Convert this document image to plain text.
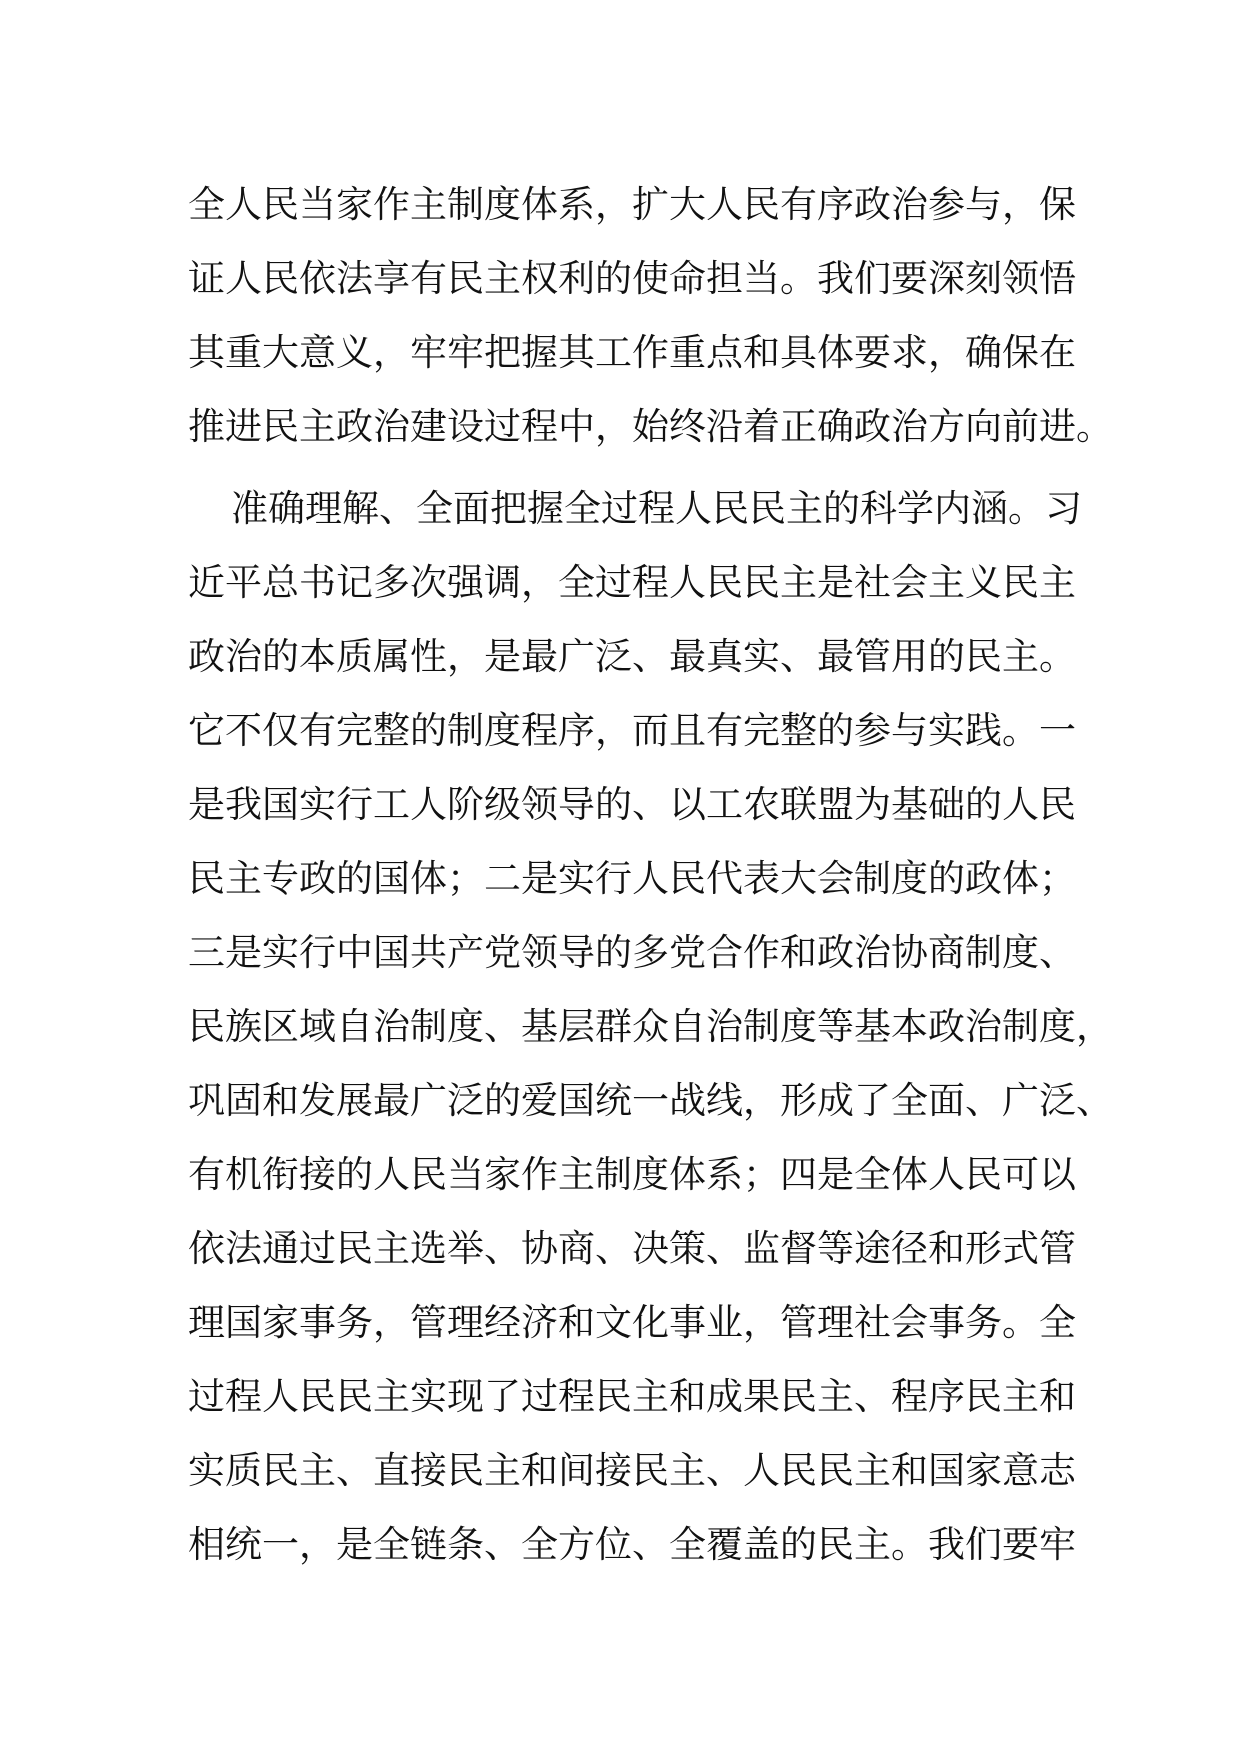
全人民当家作主制度体系，扩大人民有序政治参与，保
证人民依法享有民主权利的使命担当。我们要深刻领悟
其重大意义，牢牢把握其工作重点和具体要求，确保在
推进民主政治建设过程中，始终沿着正确政治方向前进。
准确理解、全面把握全过程人民民主的科学内涵。习
近平总书记多次强调，全过程人民民主是社会主义民主
政治的本质属性，是最广泛、最真实、最管用的民主。
它不仅有完整的制度程序，而且有完整的参与实践。一
是我国实行工人阶级领导的、以工农联盟为基础的人民
民主专政的国体；二是实行人民代表大会制度的政体；
三是实行中国共产党领导的多党合作和政治协商制度、
民族区域自治制度、基层群众自治制度等基本政治制度，
巩固和发展最广泛的爱国统一战线，形成了全面、广泛、
有机衔接的人民当家作主制度体系；四是全体人民可以
依法通过民主选举、协商、决策、监督等途径和形式管
理国家事务，管理经济和文化事业，管理社会事务。全
过程人民民主实现了过程民主和成果民主、程序民主和
实质民主、直接民主和间接民主、人民民主和国家意志
相统一，是全链条、全方位、全覆盖的民主。我们要牢
